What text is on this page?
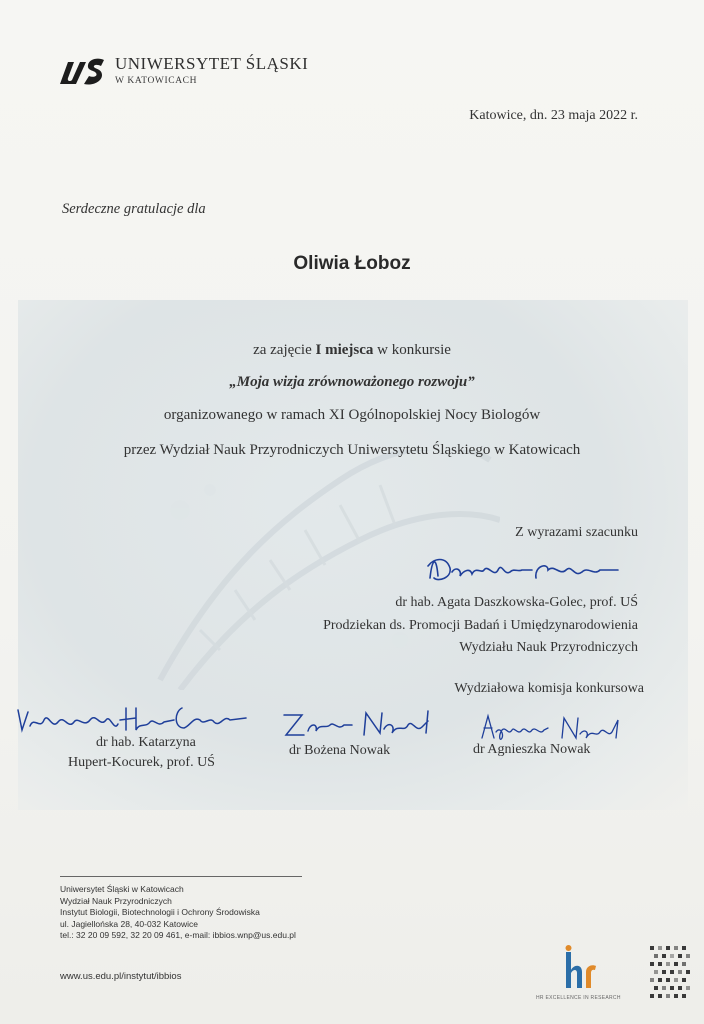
UNIWERSYTET ŚLĄSKI
W KATOWICACH
Katowice, dn. 23 maja 2022 r.
Serdeczne gratulacje dla
Oliwia Łoboz
za zajęcie I miejsca w konkursie
„Moja wizja zrównoważonego rozwoju”
organizowanego w ramach XI Ogólnopolskiej Nocy Biologów
przez Wydział Nauk Przyrodniczych Uniwersytetu Śląskiego w Katowicach
Z wyrazami szacunku
dr hab. Agata Daszkowska-Golec, prof. UŚ
Prodziekan ds. Promocji Badań i Umiędzynarodowienia
Wydziału Nauk Przyrodniczych
Wydziałowa komisja konkursowa
dr hab. Katarzyna
Hupert-Kocurek, prof. UŚ
dr Bożena Nowak	dr Agnieszka Nowak
Uniwersytet Śląski w Katowicach
Wydział Nauk Przyrodniczych
Instytut Biologii, Biotechnologii i Ochrony Środowiska
ul. Jagiellońska 28, 40-032 Katowice
tel.: 32 20 09 592, 32 20 09 461, e-mail: ibbios.wnp@us.edu.pl
www.us.edu.pl/instytut/ibbios
HR EXCELLENCE IN RESEARCH
